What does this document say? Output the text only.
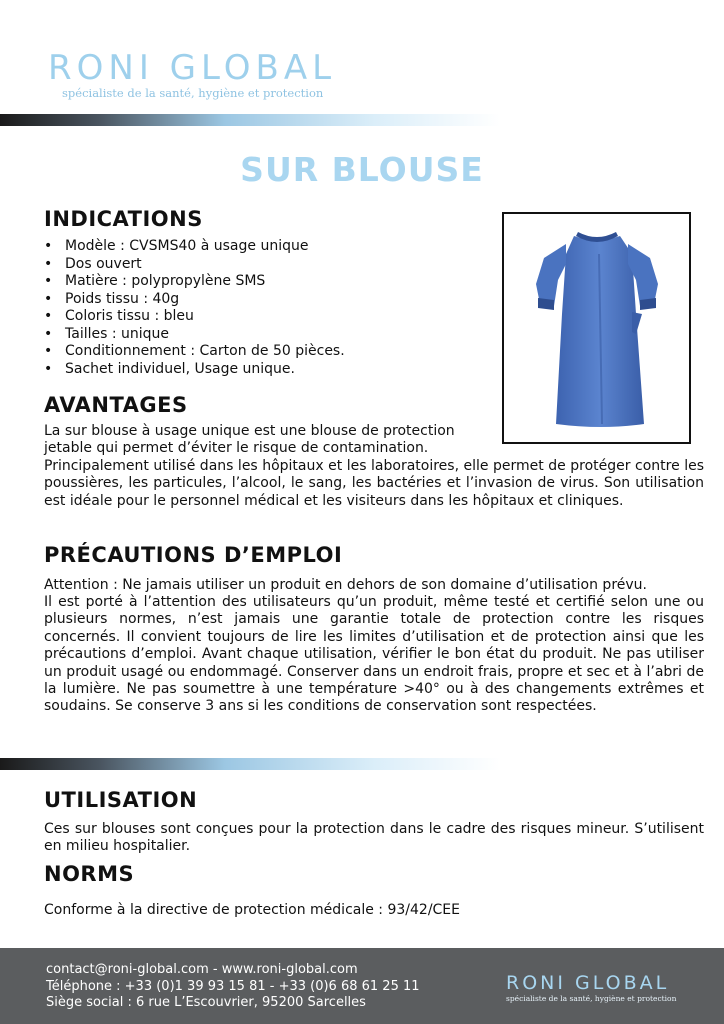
RONI GLOBAL
spécialiste de la santé, hygiène et protection
SUR BLOUSE
INDICATIONS
• Modèle : CVSMS40 à usage unique
• Dos ouvert
• Matière : polypropylène SMS
• Poids tissu : 40g
• Coloris tissu : bleu
• Tailles : unique
• Conditionnement : Carton de 50 pièces.
• Sachet individuel, Usage unique.
AVANTAGES
La sur blouse à usage unique est une blouse de protection
jetable qui permet d’éviter le risque de contamination.

Principalement utilisé dans les hôpitaux et les laboratoires, elle permet de protéger contre les poussières, les particules, l’alcool, le sang, les bactéries et l’invasion de virus. Son utilisation est idéale pour le personnel médical et les visiteurs dans les hôpitaux et cliniques.

PRÉCAUTIONS D’EMPLOI

Attention : Ne jamais utiliser un produit en dehors de son domaine d’utilisation prévu.

Il est porté à l’attention des utilisateurs qu’un produit, même testé et certifié selon une ou plusieurs normes, n’est jamais une garantie totale de protection contre les risques concernés. Il convient toujours de lire les limites d’utilisation et de protection ainsi que les précautions d’emploi. Avant chaque utilisation, vérifier le bon état du produit. Ne pas utiliser un produit usagé ou endommagé. Conserver dans un endroit frais, propre et sec et à l’abri de la lumière. Ne pas soumettre à une température >40° ou à des changements extrêmes et soudains. Se conserve 3 ans si les conditions de conservation sont respectées.

UTILISATION

Ces sur blouses sont conçues pour la protection dans le cadre des risques mineur. S’utilisent en milieu hospitalier.

NORMS

Conforme à la directive de protection médicale : 93/42/CEE

contact@roni-global.com - www.roni-global.com
Téléphone : +33 (0)1 39 93 15 81 - +33 (0)6 68 61 25 11
Siège social : 6 rue L’Escouvrier, 95200 Sarcelles
RONI GLOBAL
spécialiste de la santé, hygiène et protection
